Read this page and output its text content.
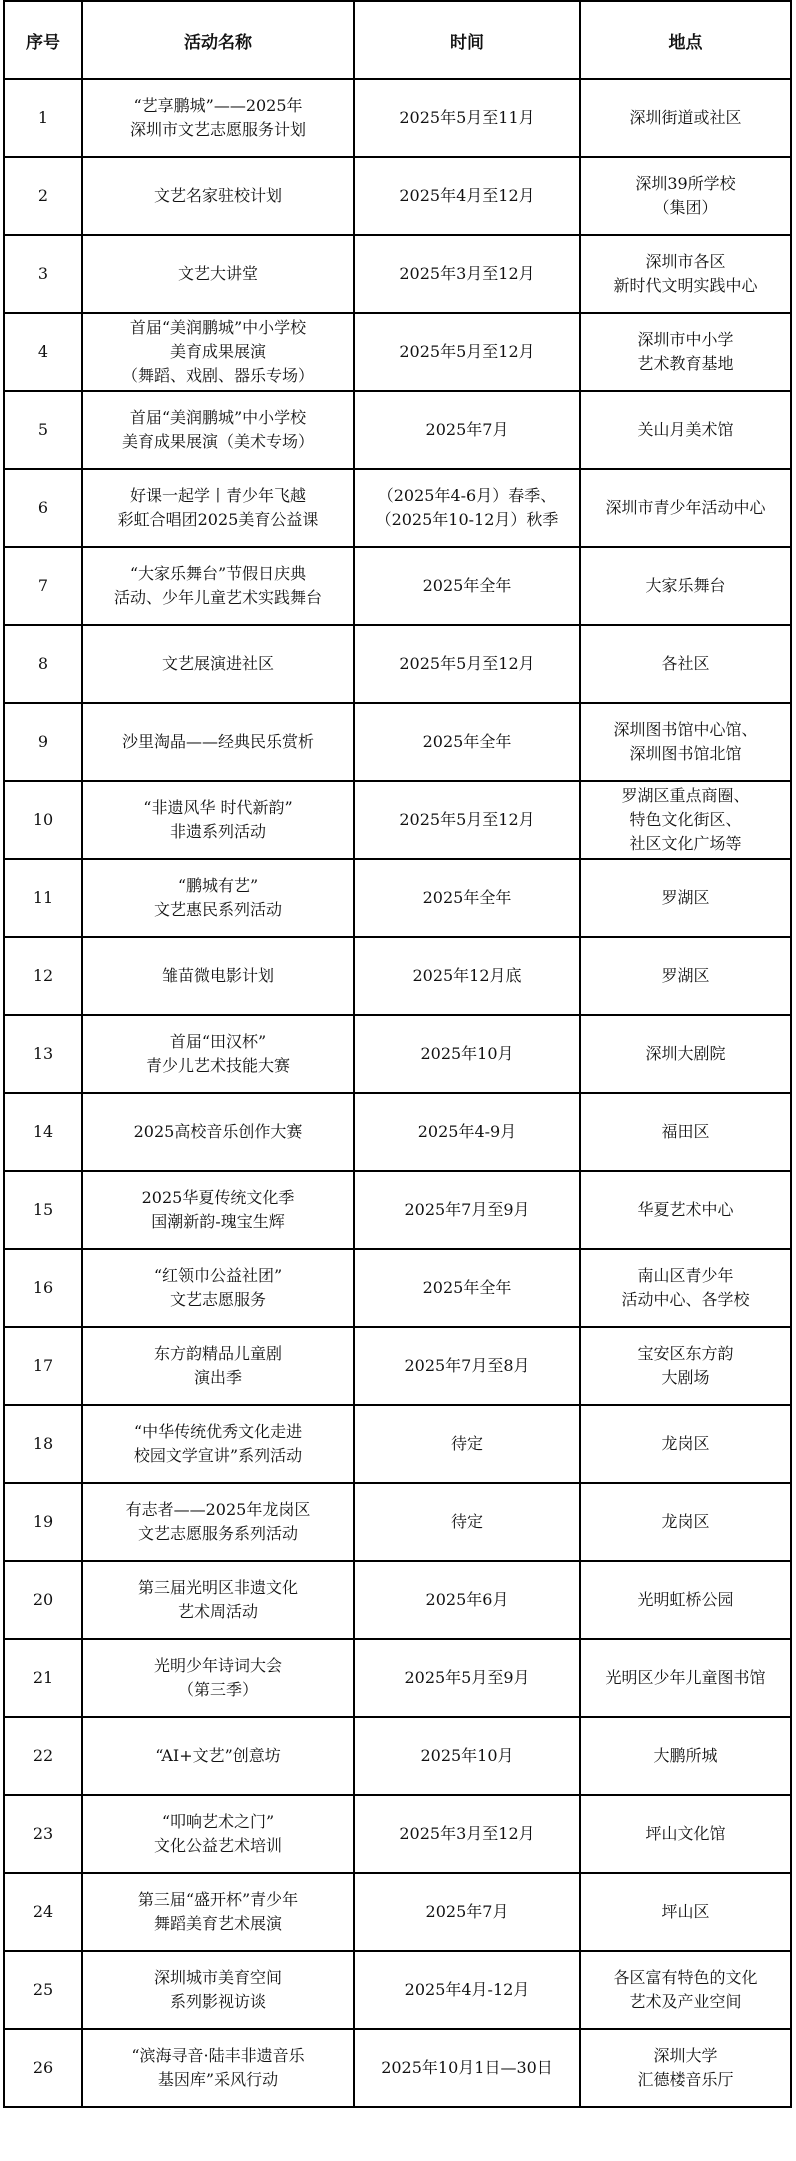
序号	活动名称	时间	地点
1	“艺享鹏城”——2025年
深圳市文艺志愿服务计划	2025年5月至11月	深圳街道或社区
2	文艺名家驻校计划	2025年4月至12月	深圳39所学校
（集团）
3	文艺大讲堂	2025年3月至12月	深圳市各区
新时代文明实践中心
4	首届“美润鹏城”中小学校
美育成果展演
（舞蹈、戏剧、器乐专场）	2025年5月至12月	深圳市中小学
艺术教育基地
5	首届“美润鹏城”中小学校
美育成果展演（美术专场）	2025年7月	关山月美术馆
6	好课一起学丨青少年飞越
彩虹合唱团2025美育公益课	（2025年4-6月）春季、
（2025年10-12月）秋季	深圳市青少年活动中心
7	“大家乐舞台”节假日庆典
活动、少年儿童艺术实践舞台	2025年全年	大家乐舞台
8	文艺展演进社区	2025年5月至12月	各社区
9	沙里淘晶——经典民乐赏析	2025年全年	深圳图书馆中心馆、
深圳图书馆北馆
10	“非遗风华 时代新韵”
非遗系列活动	2025年5月至12月	罗湖区重点商圈、
特色文化街区、
社区文化广场等
11	“鹏城有艺”
文艺惠民系列活动	2025年全年	罗湖区
12	雏苗微电影计划	2025年12月底	罗湖区
13	首届“田汉杯”
青少儿艺术技能大赛	2025年10月	深圳大剧院
14	2025高校音乐创作大赛	2025年4-9月	福田区
15	2025华夏传统文化季
国潮新韵-瑰宝生辉	2025年7月至9月	华夏艺术中心
16	“红领巾公益社团”
文艺志愿服务	2025年全年	南山区青少年
活动中心、各学校
17	东方韵精品儿童剧
演出季	2025年7月至8月	宝安区东方韵
大剧场
18	“中华传统优秀文化走进
校园文学宣讲”系列活动	待定	龙岗区
19	有志者——2025年龙岗区
文艺志愿服务系列活动	待定	龙岗区
20	第三届光明区非遗文化
艺术周活动	2025年6月	光明虹桥公园
21	光明少年诗词大会
（第三季）	2025年5月至9月	光明区少年儿童图书馆
22	“AI+文艺”创意坊	2025年10月	大鹏所城
23	“叩响艺术之门”
文化公益艺术培训	2025年3月至12月	坪山文化馆
24	第三届“盛开杯”青少年
舞蹈美育艺术展演	2025年7月	坪山区
25	深圳城市美育空间
系列影视访谈	2025年4月-12月	各区富有特色的文化
艺术及产业空间
26	“滨海寻音·陆丰非遗音乐
基因库”采风行动	2025年10月1日—30日	深圳大学
汇德楼音乐厅
